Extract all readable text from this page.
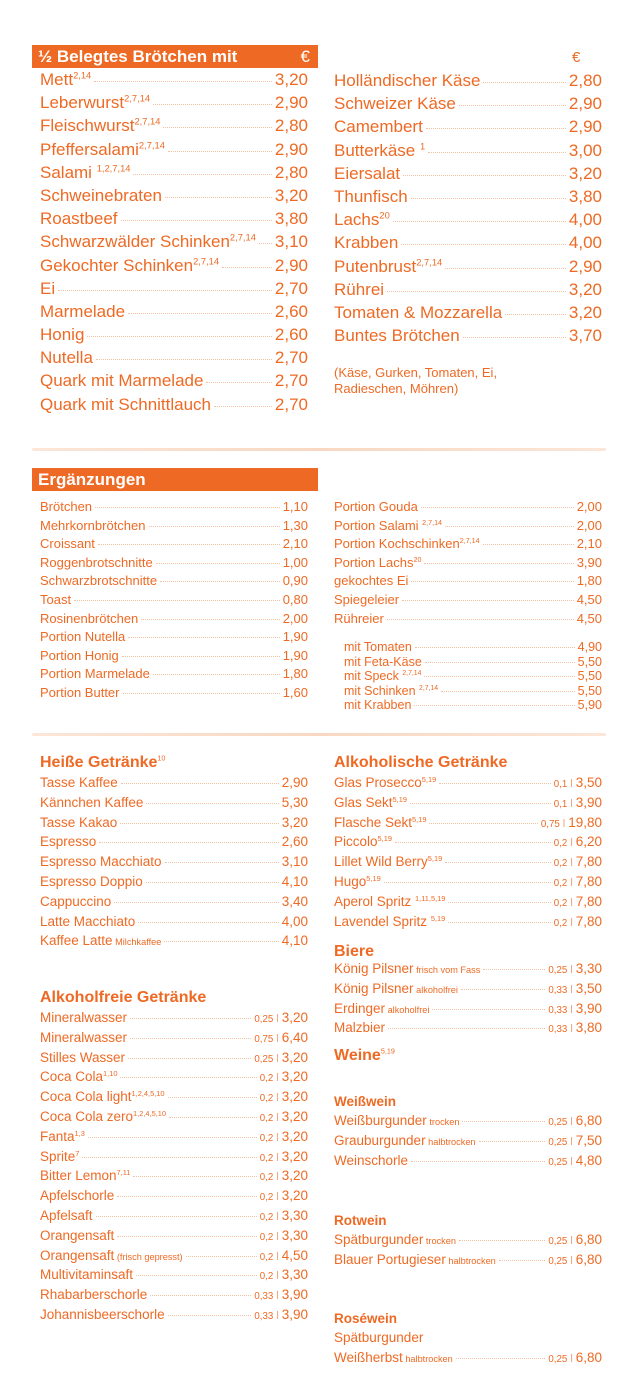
½ Belegtes Brötchen mit	€	€
Mett$^{2,14}$	3,20
Leberwurst$^{2,7,14}$	2,90
Fleischwurst$^{2,7,14}$	2,80
Pfeffersalami$^{2,7,14}$	2,90
Salami $^{1,2,7,14}$	2,80
Schweinebraten	3,20
Roastbeef	3,80
Schwarzwälder Schinken$^{2,7,14}$ 3,10
Gekochter Schinken$^{2,7,14}$	2,90
Ei	2,70
Marmelade	2,60
Honig	2,60
Nutella	2,70
Quark mit Marmelade	2,70
Quark mit Schnittlauch	2,70
Holländischer Käse	2,80
Schweizer Käse	2,90
Camembert	2,90
Butterkäse $^1$	3,00
Eiersalat	3,20
Thunfisch	3,80
Lachs$^{20}$	4,00
Krabben	4,00
Putenbrust$^{2,7,14}$	2,90
Rührei	3,20
Tomaten & Mozzarella	3,20
Buntes Brötchen	3,70
(Käse, Gurken, Tomaten, Ei,
Radieschen, Möhren)
Ergänzungen
Brötchen	1,10
Mehrkornbrötchen	1,30
Croissant	2,10
Roggenbrotschnitte	1,00
Schwarzbrotschnitte	0,90
Toast	0,80
Rosinenbrötchen	2,00
Portion Nutella	1,90
Portion Honig	1,90
Portion Marmelade	1,80
Portion Butter	1,60
Portion Gouda	2,00
Portion Salami $^{2,7,14}$	2,00
Portion Kochschinken$^{2,7,14}$	2,10
Portion Lachs$^{20}$	3,90
gekochtes Ei	1,80
Spiegeleier	4,50
Rühreier	4,50
mit Tomaten	4,90
mit Feta-Käse	5,50
mit Speck $^{2,7,14}$	5,50
mit Schinken $^{2,7,14}$	5,50
mit Krabben	5,90
Heiße Getränke$^{10}$
Tasse Kaffee	2,90
Kännchen Kaffee	5,30
Tasse Kakao	3,20
Espresso	2,60
Espresso Macchiato	3,10
Espresso Doppio	4,10
Cappuccino	3,40
Latte Macchiato	4,00
Kaffee Latte Milchkaffee	4,10
Alkoholfreie Getränke
Mineralwasser	0,25 l 3,20
Mineralwasser	0,75 l 6,40
Stilles Wasser	0,25 l 3,20
Coca Cola$^{1,10}$	0,2 l 3,20
Coca Cola light$^{1,2,4,5,10}$	0,2 l 3,20
Coca Cola zero$^{1,2,4,5,10}$	0,2 l 3,20
Fanta$^{1,3}$	0,2 l 3,20
Sprite$^7$	0,2 l 3,20
Bitter Lemon$^{7,11}$	0,2 l 3,20
Apfelschorle	0,2 l 3,20
Apfelsaft	0,2 l 3,30
Orangensaft	0,2 l 3,30
Orangensaft (frisch gepresst)	0,2 l 4,50
Multivitaminsaft	0,2 l 3,30
Rhabarberschorle	0,33 l 3,90
Johannisbeerschorle	0,33 l 3,90
Alkoholische Getränke
Glas Prosecco$^{5,19}$	0,1 l 3,50
Glas Sekt$^{5,19}$	0,1 l 3,90
Flasche Sekt$^{5,19}$	0,75 l 19,80
Piccolo$^{5,19}$	0,2 l 6,20
Lillet Wild Berry$^{5,19}$	0,2 l 7,80
Hugo$^{5,19}$	0,2 l 7,80
Aperol Spritz $^{1,11,5,19}$	0,2 l 7,80
Lavendel Spritz $^{5,19}$	0,2 l 7,80
Biere
König Pilsner frisch vom Fass	0,25 l 3,30
König Pilsner alkoholfrei	0,33 l 3,50
Erdinger alkoholfrei	0,33 l 3,90
Malzbier	0,33 l 3,80
Weine$^{5,19}$
Weißwein
Weißburgunder trocken	0,25 l 6,80
Grauburgunder halbtrocken	0,25 l 7,50
Weinschorle	0,25 l 4,80
Rotwein
Spätburgunder trocken	0,25 l 6,80
Blauer Portugieser halbtrocken	0,25 l 6,80
Roséwein
Spätburgunder
Weißherbst halbtrocken	0,25 l 6,80
